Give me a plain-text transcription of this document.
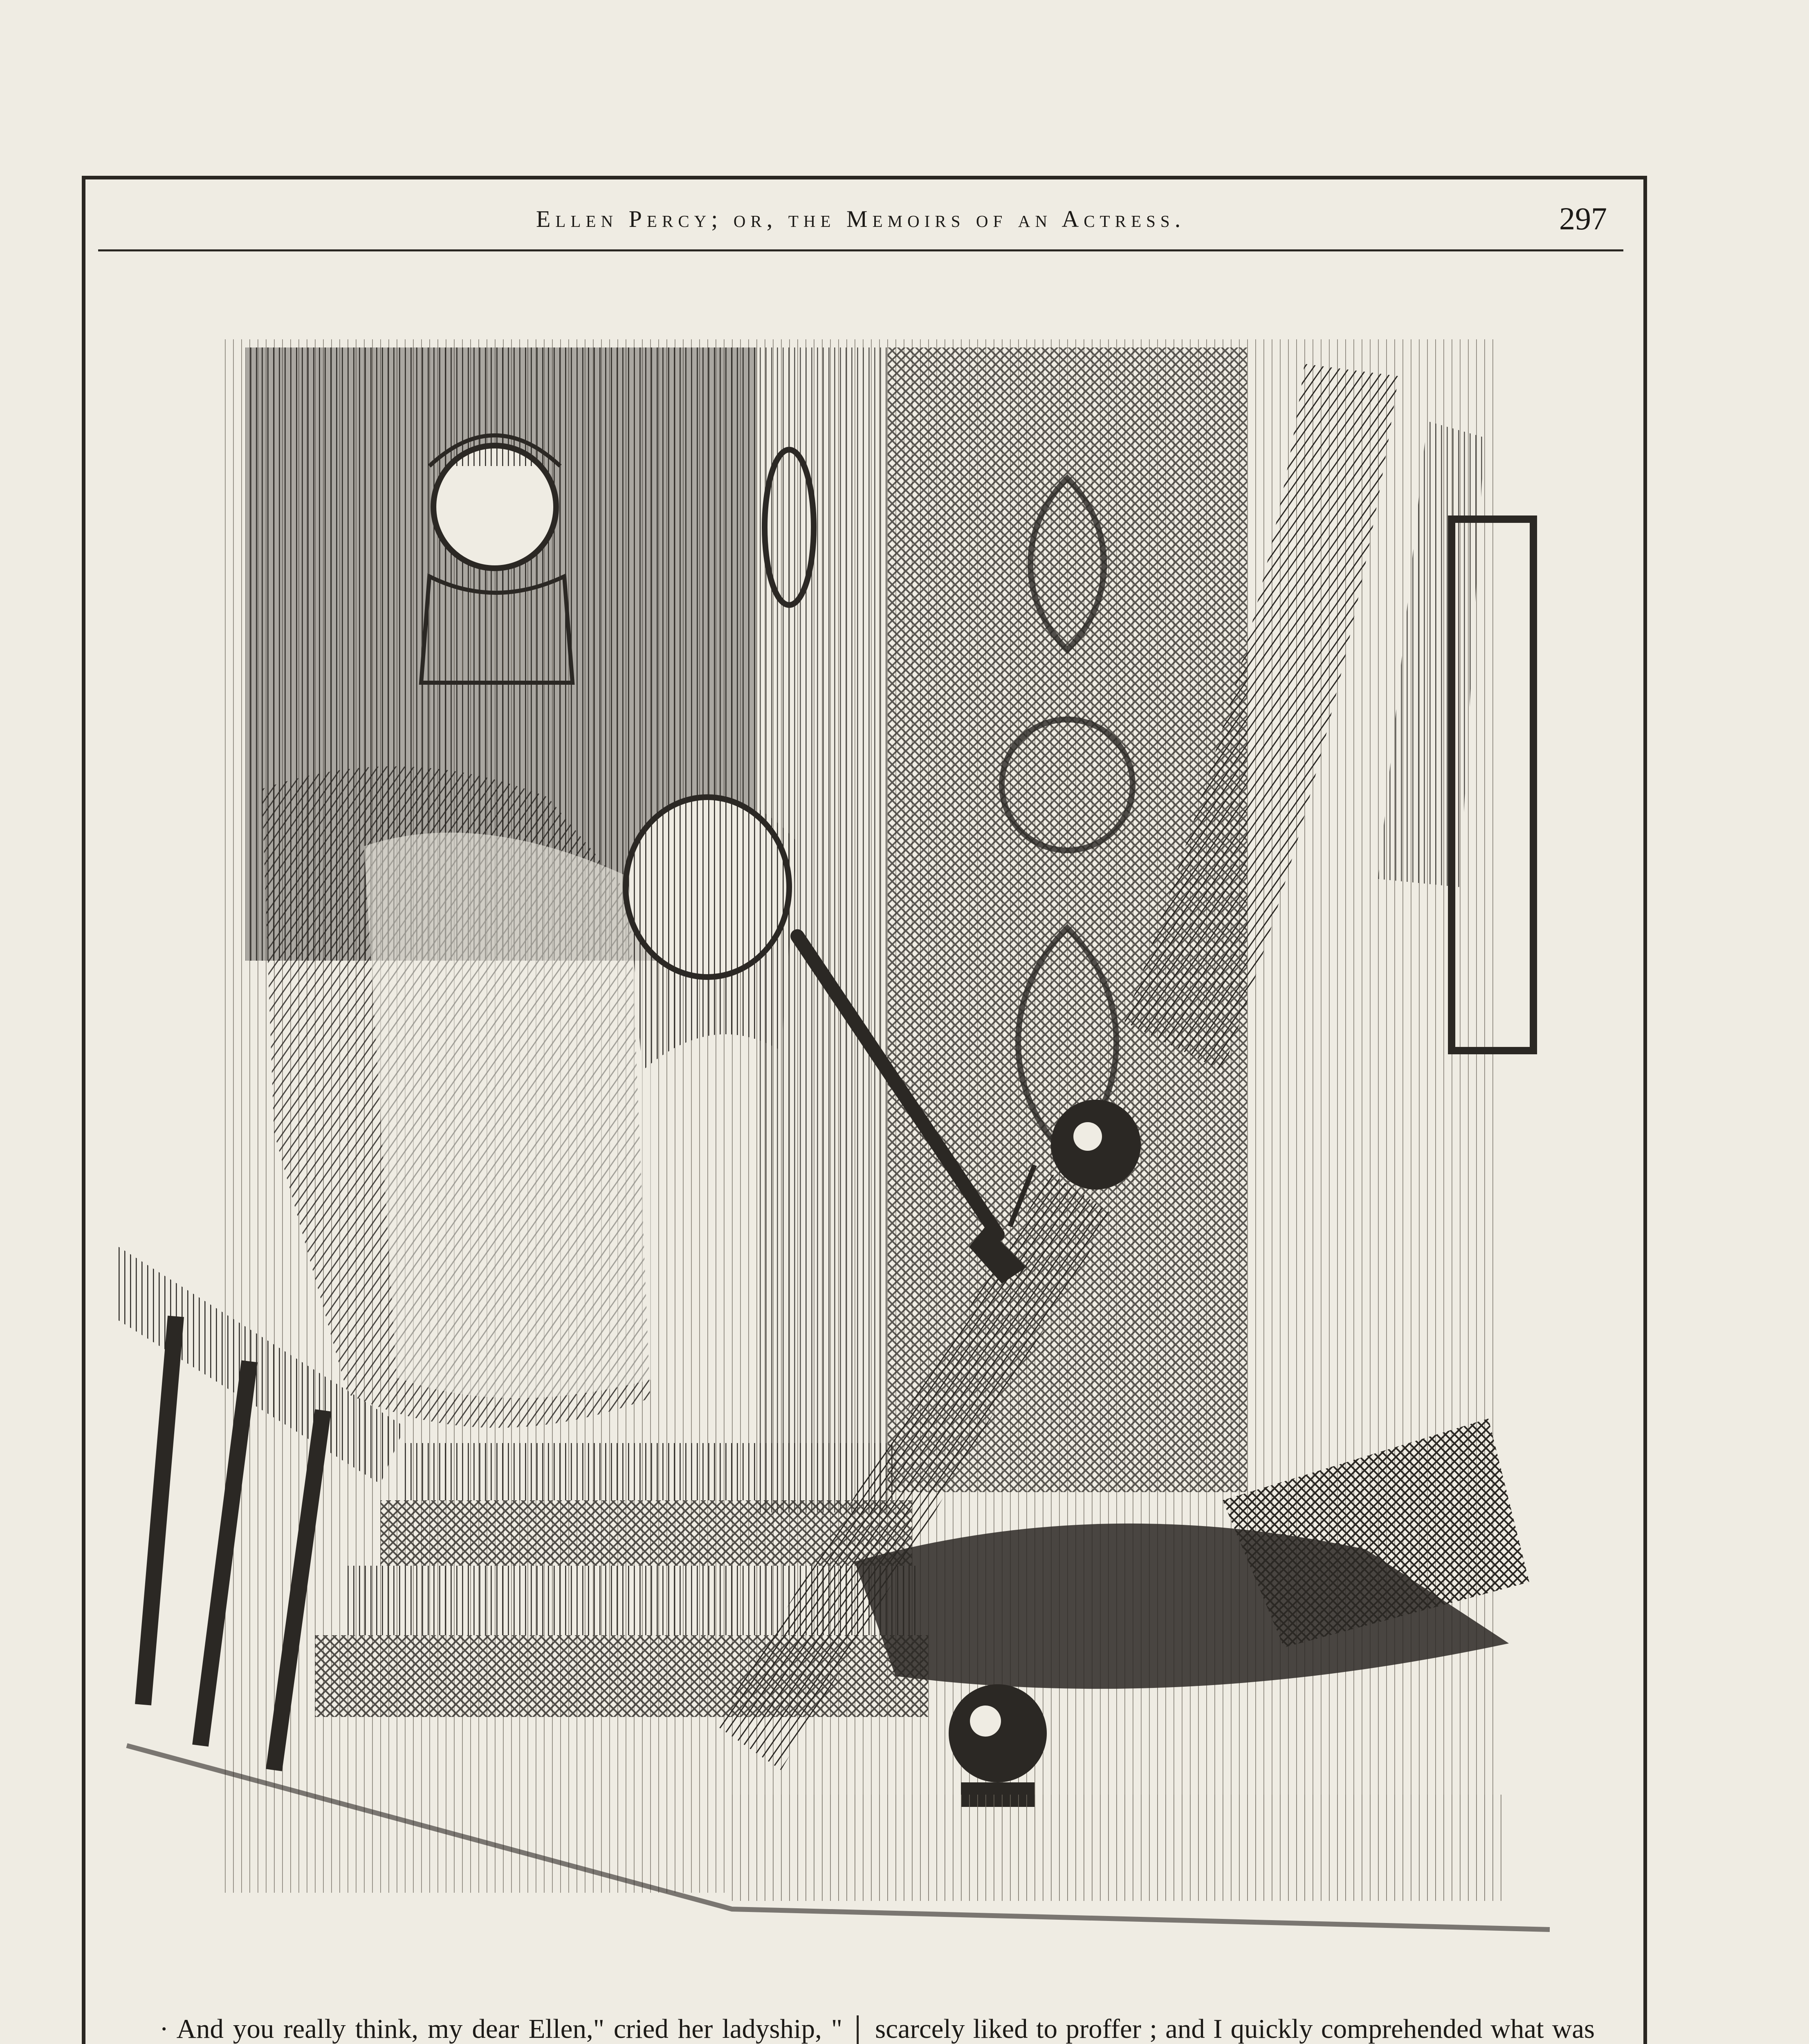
Ellen Percy; or, the Memoirs of an Actress.	297

· And you really think, my dear Ellen," cried her ladyship, " scarcely liked to proffer ; and I quickly comprehended what was
